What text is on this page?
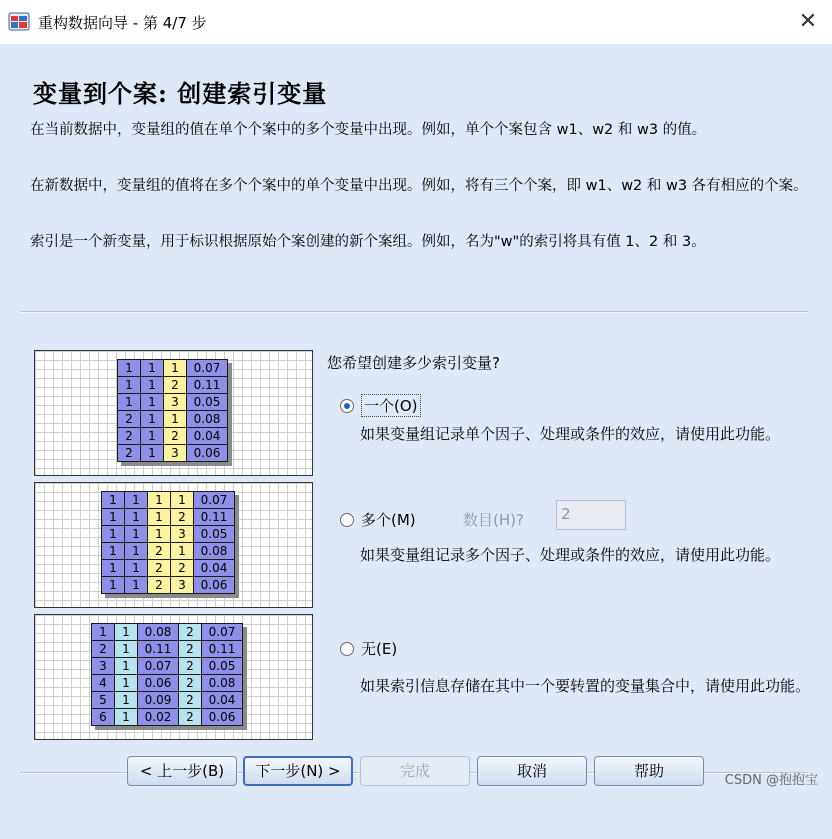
重构数据向导 - 第 4/7 步	✕
变量到个案: 创建索引变量
在当前数据中，变量组的值在单个个案中的多个变量中出现。例如，单个个案包含 w1、w2 和 w3 的值。
在新数据中，变量组的值将在多个个案中的单个变量中出现。例如，将有三个个案，即 w1、w2 和 w3 各有相应的个案。
索引是一个新变量，用于标识根据原始个案创建的新个案组。例如，名为"w"的索引将具有值 1、2 和 3。
1	1	1	0.07
1	1	2	0.11
1	1	3	0.05
2	1	1	0.08
2	1	2	0.04
2	1	3	0.06
1	1	1	1	0.07
1	1	1	2	0.11
1	1	1	3	0.05
1	1	2	1	0.08
1	1	2	2	0.04
1	1	2	3	0.06
1	1	0.08	2	0.07
2	1	0.11	2	0.11
3	1	0.07	2	0.05
4	1	0.06	2	0.08
5	1	0.09	2	0.04
6	1	0.02	2	0.06
您希望创建多少索引变量?
一个(O)
如果变量组记录单个因子、处理或条件的效应，请使用此功能。
多个(M)	数目(H)?	2
如果变量组记录多个因子、处理或条件的效应，请使用此功能。
无(E)
如果索引信息存储在其中一个要转置的变量集合中，请使用此功能。
< 上一步(B)	下一步(N) >	完成	取消	帮助
CSDN @抱抱宝
